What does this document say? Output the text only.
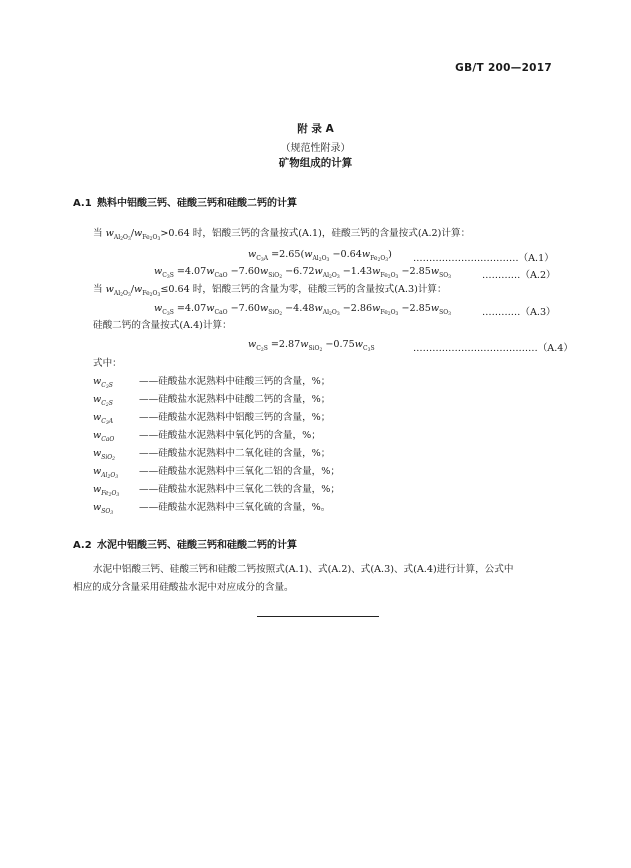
GB/T 200—2017
附 录 A
（规范性附录）
矿物组成的计算
A.1 熟料中铝酸三钙、硅酸三钙和硅酸二钙的计算
当 $w_{Al_2O_3}/w_{Fe_2O_3}>0.64$ 时，铝酸三钙的含量按式(A.1)，硅酸三钙的含量按式(A.2)计算：
$w_{C_3A} =2.65(w_{Al_2O_3} -0.64w_{Fe_2O_3})$ ……………………………（A.1）
$w_{C_3S} =4.07w_{CaO} -7.60w_{SiO_2} -6.72w_{Al_2O_3} -1.43w_{Fe_2O_3} -2.85w_{SO_3}$	…………（A.2）
当 $w_{Al_2O_3}/w_{Fe_2O_3}\le 0.64$ 时，铝酸三钙的含量为零，硅酸三钙的含量按式(A.3)计算：
$w_{C_3S} =4.07w_{CaO} -7.60w_{SiO_2} -4.48w_{Al_2O_3} -2.86w_{Fe_2O_3} -2.85w_{SO_3}$	…………（A.3）
硅酸二钙的含量按式(A.4)计算：
$w_{C_2S} =2.87w_{SiO_2} -0.75w_{C_3S}$	…………………………………（A.4）
式中：
$w_{C_3S}$	——硅酸盐水泥熟料中硅酸三钙的含量，%；
$w_{C_2S}$	——硅酸盐水泥熟料中硅酸二钙的含量，%；
$w_{C_3A}$	——硅酸盐水泥熟料中铝酸三钙的含量，%；
$w_{CaO}$	——硅酸盐水泥熟料中氧化钙的含量，%；
$w_{SiO_2}——$硅酸盐水泥熟料中二氧化硅的含量，%；
$w_{Al_2O_3}——$硅酸盐水泥熟料中三氧化二铝的含量，%；
$w_{Fe_2O_3}——$硅酸盐水泥熟料中三氧化二铁的含量，%；
$w_{SO_3}——$硅酸盐水泥熟料中三氧化硫的含量，%。
A.2 水泥中铝酸三钙、硅酸三钙和硅酸二钙的计算
水泥中铝酸三钙、硅酸三钙和硅酸二钙按照式(A.1)、式(A.2)、式(A.3)、式(A.4)进行计算，公式中
相应的成分含量采用硅酸盐水泥中对应成分的含量。
